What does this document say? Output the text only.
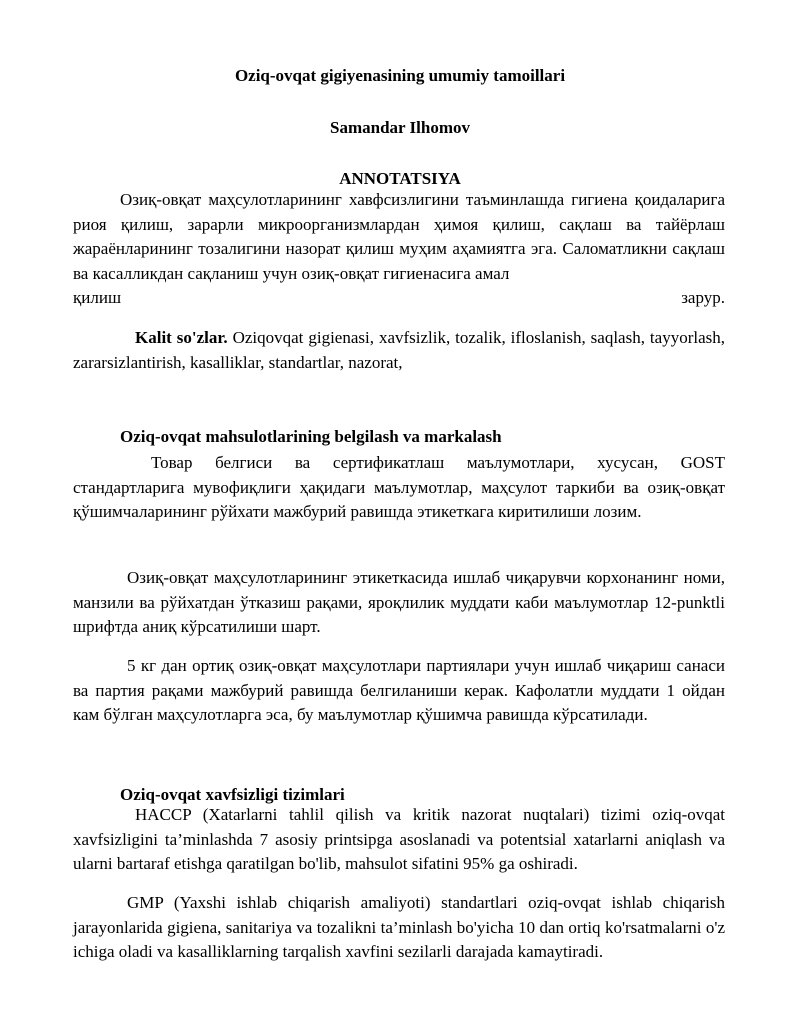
Oziq-ovqat gigiyenasining umumiy tamoillari
Samandar Ilhomov
ANNOTATSIYA
Озиқ-овқат маҳсулотларининг хавфсизлигини таъминлашда гигиена қоидаларига риоя қилиш, зарарли микроорганизмлардан ҳимоя қилиш, сақлаш ва тайёрлаш жараёнларининг тозалигини назорат қилиш муҳим аҳамиятга эга. Саломатликни сақлаш ва касалликдан сақланиш учун озиқ-овқат гигиенасига амал
қилиш зарур.
Kalit so'zlar. Oziqovqat gigienasi, xavfsizlik, tozalik, ifloslanish, saqlash, tayyorlash, zararsizlantirish, kasalliklar, standartlar, nazorat,
Oziq-ovqat mahsulotlarining belgilash va markalash
Товар белгиси ва сертификатлаш маълумотлари, хусусан, GOST стандартларига мувофиқлиги ҳақидаги маълумотлар, маҳсулот таркиби ва озиқ-овқат қўшимчаларининг рўйхати мажбурий равишда этикеткага киритилиши лозим.
Озиқ-овқат маҳсулотларининг этикеткасида ишлаб чиқарувчи корхонанинг номи, манзили ва рўйхатдан ўтказиш рақами, яроқлилик муддати каби маълумотлар 12-punktli шрифтда аниқ кўрсатилиши шарт.
5 кг дан ортиқ озиқ-овқат маҳсулотлари партиялари учун ишлаб чиқариш санаси ва партия рақами мажбурий равишда белгиланиши керак. Кафолатли муддати 1 ойдан кам бўлган маҳсулотларга эса, бу маълумотлар қўшимча равишда кўрсатилади.
Oziq-ovqat xavfsizligi tizimlari
HACCP (Xatarlarni tahlil qilish va kritik nazorat nuqtalari) tizimi oziq-ovqat xavfsizligini ta’minlashda 7 asosiy printsipga asoslanadi va potentsial xatarlarni aniqlash va ularni bartaraf etishga qaratilgan bo'lib, mahsulot sifatini 95% ga oshiradi.
GMP (Yaxshi ishlab chiqarish amaliyoti) standartlari oziq-ovqat ishlab chiqarish jarayonlarida gigiena, sanitariya va tozalikni ta’minlash bo'yicha 10 dan ortiq ko'rsatmalarni o'z ichiga oladi va kasalliklarning tarqalish xavfini sezilarli darajada kamaytiradi.
